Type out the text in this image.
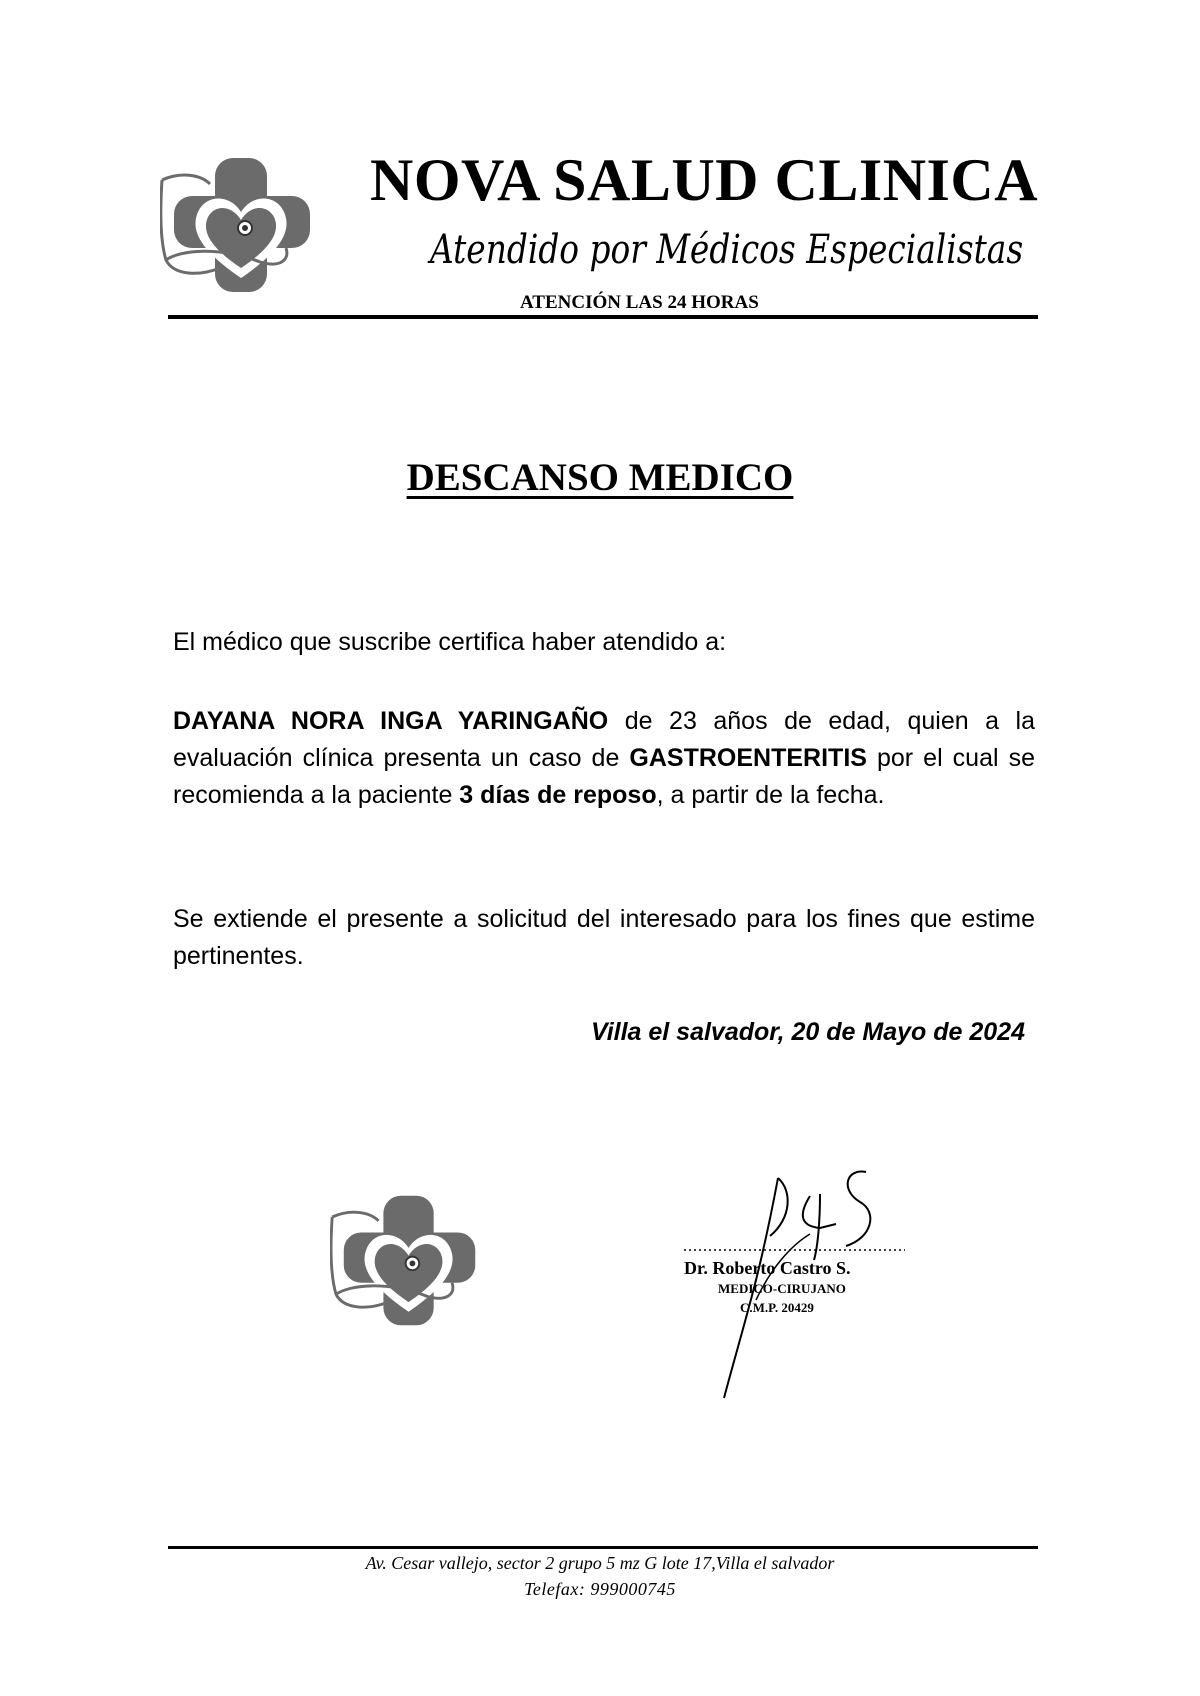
NOVA SALUD CLINICA
Atendido por Médicos Especialistas
ATENCIÓN LAS 24 HORAS
DESCANSO MEDICO
El médico que suscribe certifica haber atendido a:
DAYANA NORA INGA YARINGAÑO de 23 años de edad, quien a la evaluación clínica presenta un caso de GASTROENTERITIS por el cual se recomienda a la paciente 3 días de reposo, a partir de la fecha.
Se extiende el presente a solicitud del interesado para los fines que estime pertinentes.
Villa el salvador, 20 de Mayo de 2024
Dr. Roberto Castro S.
MEDICO-CIRUJANO
C.M.P. 20429
Av. Cesar vallejo, sector 2 grupo 5 mz G lote 17,Villa el salvador
Telefax: 999000745
